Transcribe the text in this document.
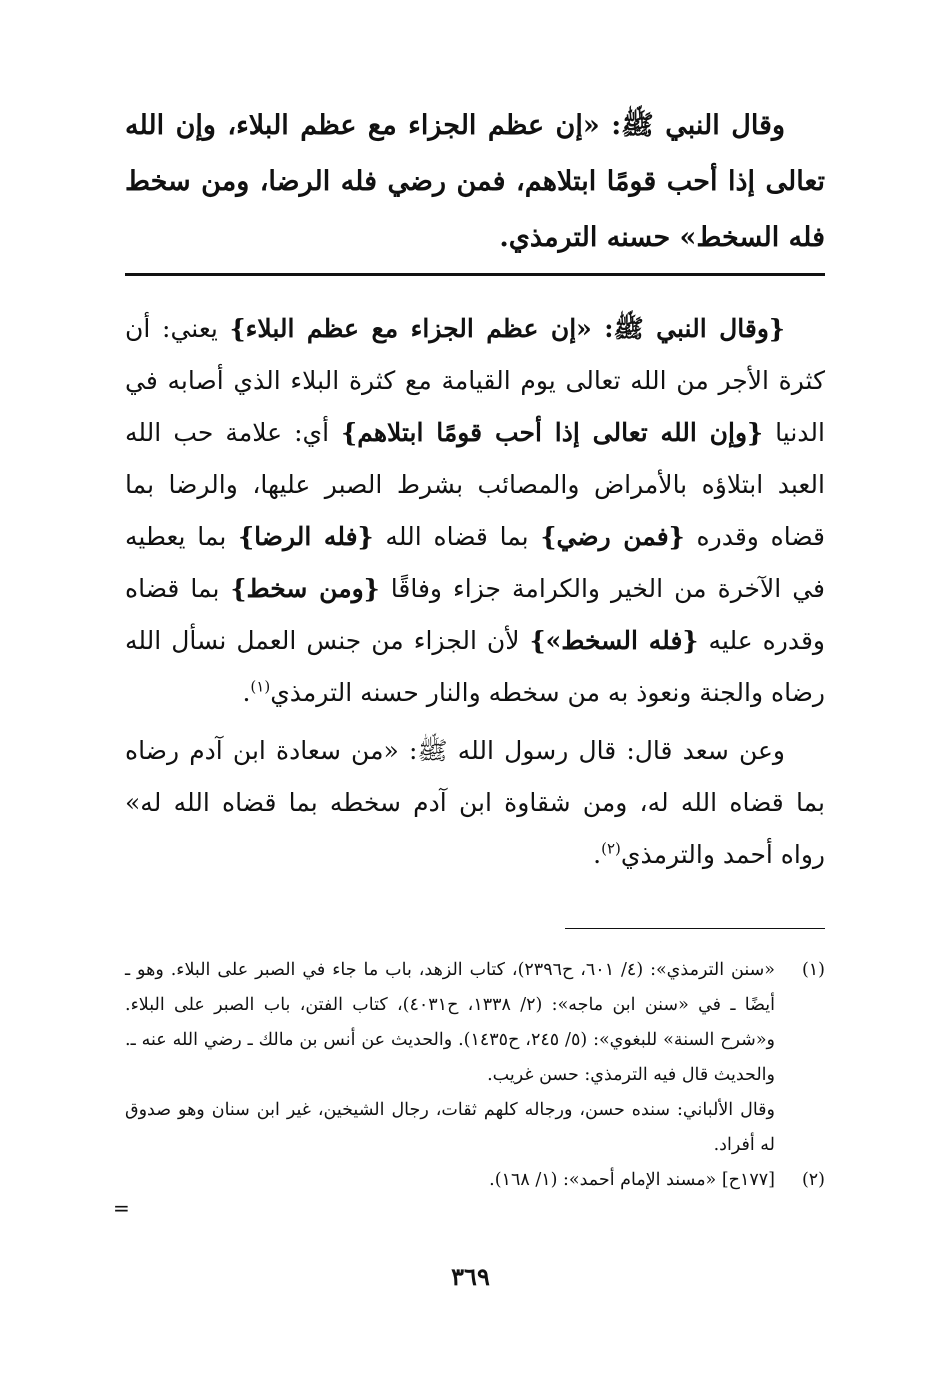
وقال النبي ﷺ: «إن عظم الجزاء مع عظم البلاء، وإن الله تعالى إذا أحب قومًا ابتلاهم، فمن رضي فله الرضا، ومن سخط فله السخط» حسنه الترمذي.

{وقال النبي ﷺ: «إن عظم الجزاء مع عظم البلاء} يعني: أن كثرة الأجر من الله تعالى يوم القيامة مع كثرة البلاء الذي أصابه في الدنيا {وإن الله تعالى إذا أحب قومًا ابتلاهم} أي: علامة حب الله العبد ابتلاؤه بالأمراض والمصائب بشرط الصبر عليها، والرضا بما قضاه وقدره {فمن رضي} بما قضاه الله {فله الرضا} بما يعطيه في الآخرة من الخير والكرامة جزاء وفاقًا {ومن سخط} بما قضاه وقدره عليه {فله السخط»} لأن الجزاء من جنس العمل نسأل الله رضاه والجنة ونعوذ به من سخطه والنار حسنه الترمذي$^{(١)}$.

وعن سعد قال: قال رسول الله ﷺ: «من سعادة ابن آدم رضاه بما قضاه الله له، ومن شقاوة ابن آدم سخطه بما قضاه الله له» رواه أحمد والترمذي$^{(٢)}$.

(١)

«سنن الترمذي»: (٤/ ٦٠١، ح٢٣٩٦)، كتاب الزهد، باب ما جاء في الصبر على البلاء. وهو ـ أيضًا ـ في «سنن ابن ماجه»: (٢/ ١٣٣٨، ح٤٠٣١)، كتاب الفتن، باب الصبر على البلاء. و«شرح السنة» للبغوي»: (٥/ ٢٤٥، ح١٤٣٥). والحديث عن أنس بن مالك ـ رضي الله عنه ـ. والحديث قال فيه الترمذي: حسن غريب.

وقال الألباني: سنده حسن، ورجاله كلهم ثقات، رجال الشيخين، غير ابن سنان وهو صدوق له أفراد.

(٢)

[١٧٧ح] «مسند الإمام أحمد»: (١/ ١٦٨).

=
٣٦٩
